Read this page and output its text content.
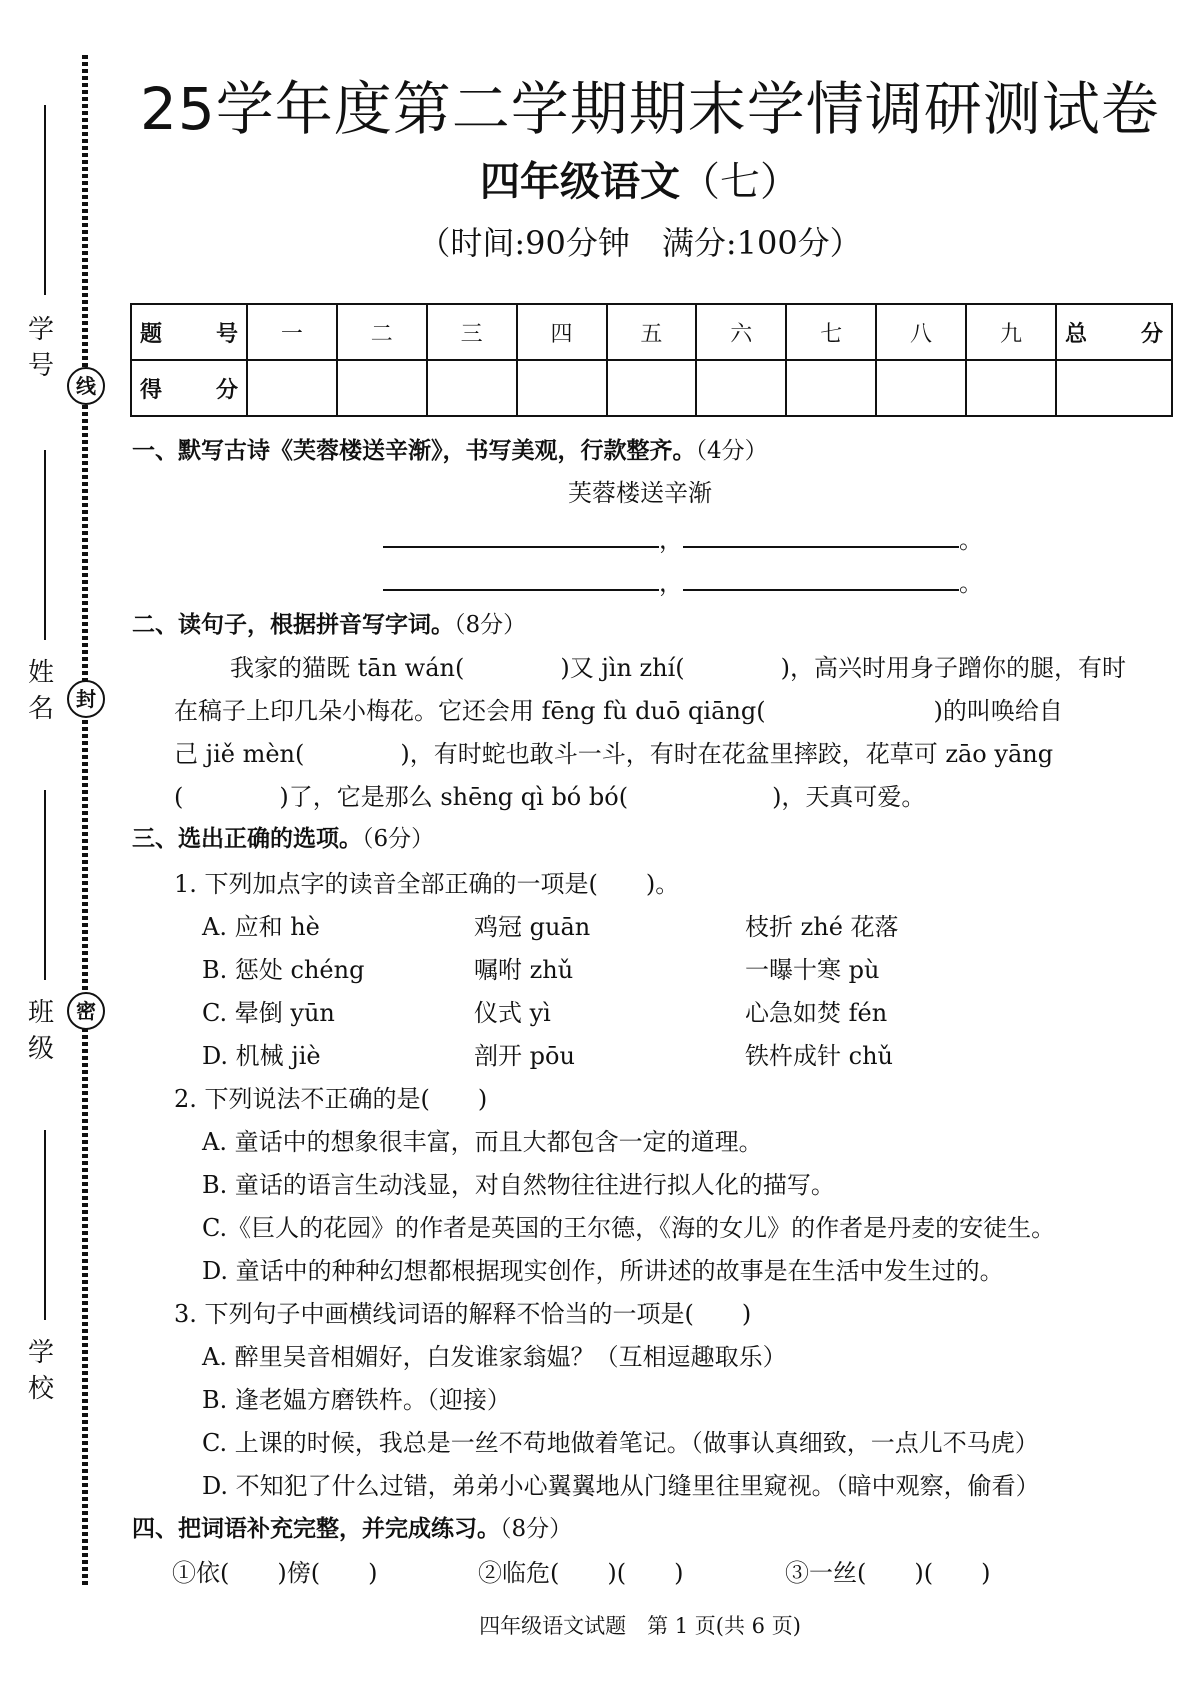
学号
姓名
班级
学校
线
封
密
25学年度第二学期期末学情调研测试卷
四年级语文（七）
（时间:90分钟　满分:100分）
题　号	一	二	三	四	五	六	七	八	九	总　分
得　分										
一、默写古诗《芙蓉楼送辛渐》，书写美观，行款整齐。（4分）
芙蓉楼送辛渐
，	。
，	。
二、读句子，根据拼音写字词。（8分）
我家的猫既 tān wán(　　　　)又 jìn zhí(　　　　)，高兴时用身子蹭你的腿，有时
在稿子上印几朵小梅花。它还会用 fēng fù duō qiāng(　　　　　　　)的叫唤给自
己 jiě mèn(　　　　)，有时蛇也敢斗一斗，有时在花盆里摔跤，花草可 zāo yāng
(　　　　)了，它是那么 shēng qì bó bó(　　　　　　)，天真可爱。
三、选出正确的选项。（6分）
1. 下列加点字的读音全部正确的一项是(　　)。
A. 应和 hè	鸡冠 guān	枝折 zhé 花落
B. 惩处 chéng	嘱咐 zhǔ	一曝十寒 pù
C. 晕倒 yūn	仪式 yì	心急如焚 fén
D. 机械 jiè	剖开 pōu	铁杵成针 chǔ
2. 下列说法不正确的是(　　)
A. 童话中的想象很丰富，而且大都包含一定的道理。
B. 童话的语言生动浅显，对自然物往往进行拟人化的描写。
C.《巨人的花园》的作者是英国的王尔德，《海的女儿》的作者是丹麦的安徒生。
D. 童话中的种种幻想都根据现实创作，所讲述的故事是在生活中发生过的。
3. 下列句子中画横线词语的解释不恰当的一项是(　　)
A. 醉里吴音相媚好，白发谁家翁媪？（互相逗趣取乐）
B. 逢老媪方磨铁杵。（迎接）
C. 上课的时候，我总是一丝不苟地做着笔记。（做事认真细致，一点儿不马虎）
D. 不知犯了什么过错，弟弟小心翼翼地从门缝里往里窥视。（暗中观察，偷看）
四、把词语补充完整，并完成练习。（8分）
①依(　　)傍(　　)	②临危(　　)(　　)	③一丝(　　)(　　)
四年级语文试题　第 1 页(共 6 页)
